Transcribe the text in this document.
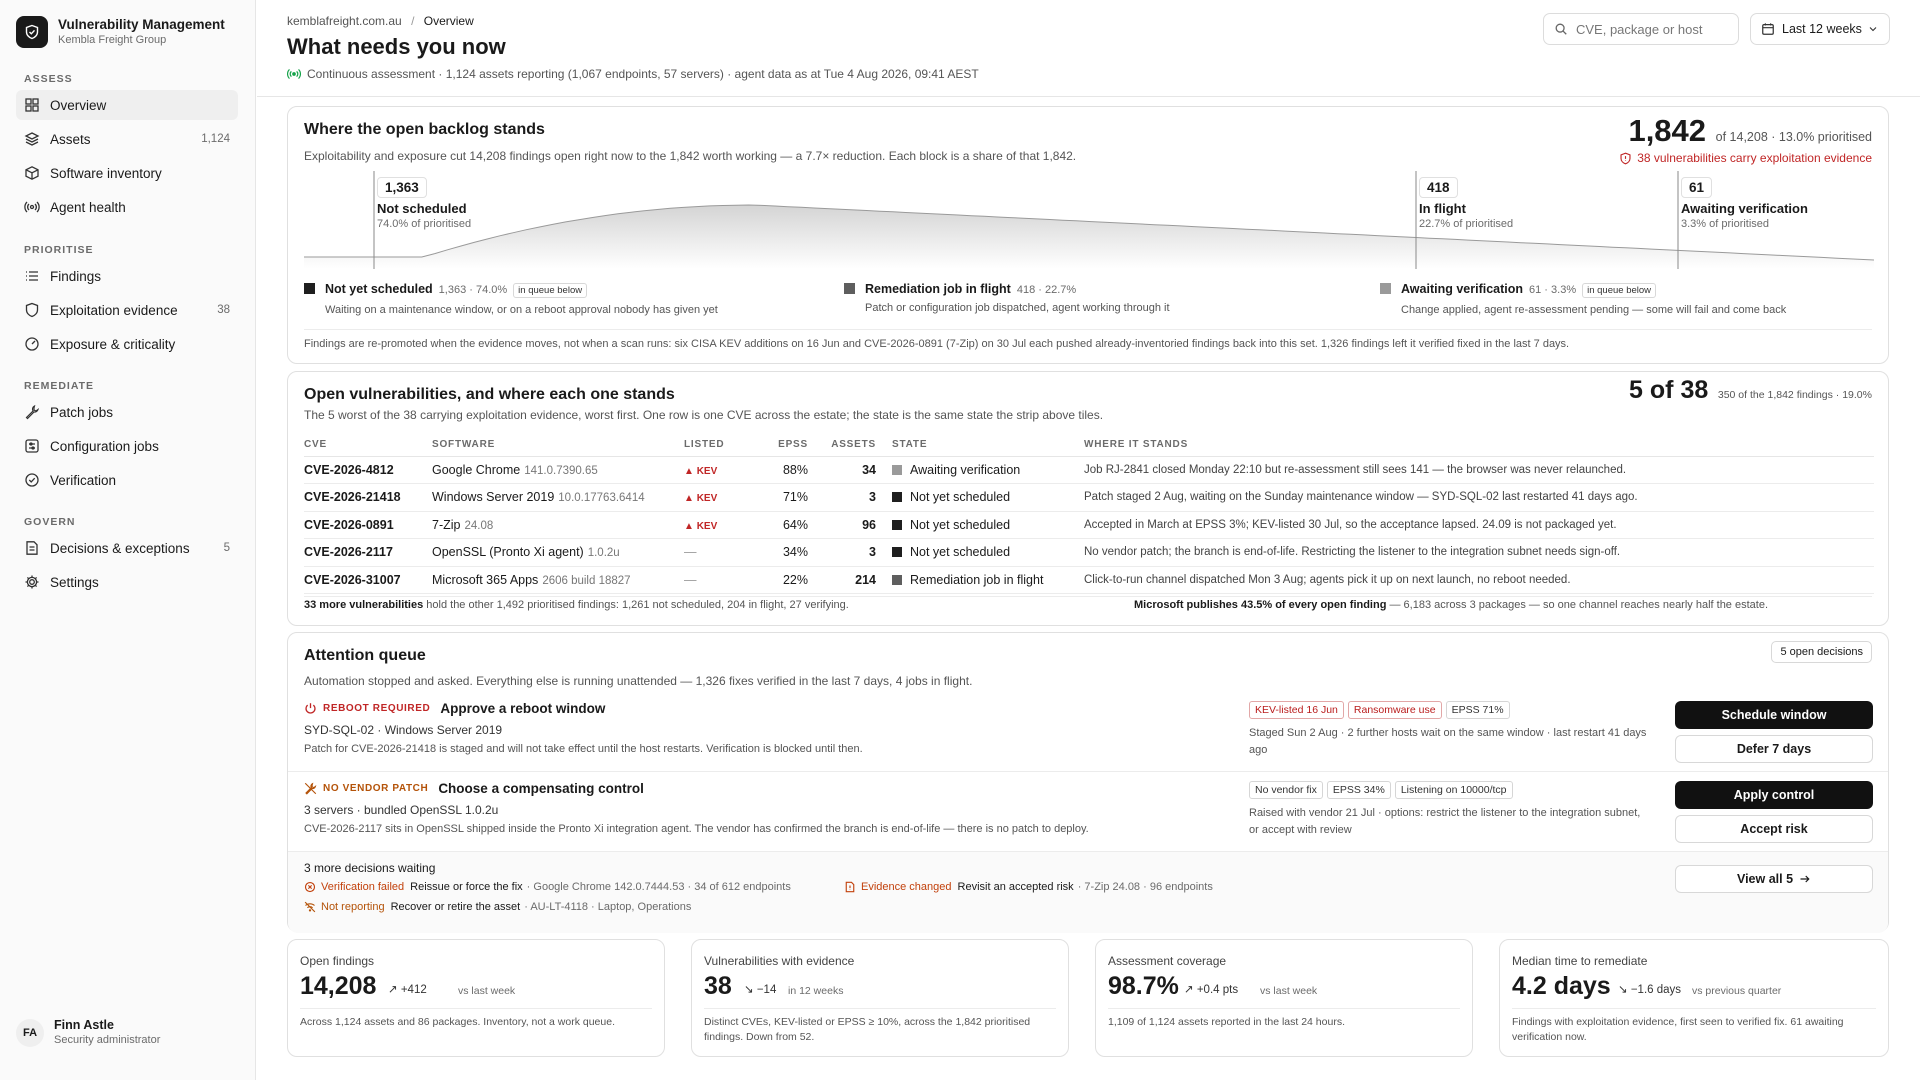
Vulnerability Management
Kembla Freight Group
ASSESS
Overview
Assets	1,124
Software inventory
Agent health
PRIORITISE
Findings
Exploitation evidence	38
Exposure & criticality
REMEDIATE
Patch jobs
Configuration jobs
Verification
GOVERN
Decisions & exceptions	5
Settings
FA
Finn Astle
Security administrator
kemblafreight.com.au / Overview
What needs you now
Continuous assessment · 1,124 assets reporting (1,067 endpoints, 57 servers) · agent data as at Tue 4 Aug 2026, 09:41 AEST
CVE, package or host	Last 12 weeks
Where the open backlog stands
Exploitability and exposure cut 14,208 findings open right now to the 1,842 worth working — a 7.7× reduction. Each block is a share of that 1,842.
1,842 of 14,208 · 13.0% prioritised
38 vulnerabilities carry exploitation evidence
1,363
Not scheduled
74.0% of prioritised
418
In flight
22.7% of prioritised
61
Awaiting verification
3.3% of prioritised
Not yet scheduled 1,363 · 74.0% in queue below
Waiting on a maintenance window, or on a reboot approval nobody has given yet
Remediation job in flight 418 · 22.7%
Patch or configuration job dispatched, agent working through it
Awaiting verification 61 · 3.3% in queue below
Change applied, agent re-assessment pending — some will fail and come back
Findings are re-promoted when the evidence moves, not when a scan runs: six CISA KEV additions on 16 Jun and CVE-2026-0891 (7-Zip) on 30 Jul each pushed already-inventoried findings back into this set. 1,326 findings left it verified fixed in the last 7 days.
Open vulnerabilities, and where each one stands
The 5 worst of the 38 carrying exploitation evidence, worst first. One row is one CVE across the estate; the state is the same state the strip above tiles.
5 of 38 350 of the 1,842 findings · 19.0%
CVE	SOFTWARE	LISTED	EPSS	ASSETS	STATE	WHERE IT STANDS
CVE-2026-4812	Google Chrome 141.0.7390.65	▲ KEV	88%	34	Awaiting verification	Job RJ-2841 closed Monday 22:10 but re-assessment still sees 141 — the browser was never relaunched.
CVE-2026-21418	Windows Server 2019 10.0.17763.6414	▲ KEV	71%	3	Not yet scheduled	Patch staged 2 Aug, waiting on the Sunday maintenance window — SYD-SQL-02 last restarted 41 days ago.
CVE-2026-0891	7-Zip 24.08	▲ KEV	64%	96	Not yet scheduled	Accepted in March at EPSS 3%; KEV-listed 30 Jul, so the acceptance lapsed. 24.09 is not packaged yet.
CVE-2026-2117	OpenSSL (Pronto Xi agent) 1.0.2u	—	34%	3	Not yet scheduled	No vendor patch; the branch is end-of-life. Restricting the listener to the integration subnet needs sign-off.
CVE-2026-31007	Microsoft 365 Apps 2606 build 18827	—	22%	214	Remediation job in flight	Click-to-run channel dispatched Mon 3 Aug; agents pick it up on next launch, no reboot needed.
33 more vulnerabilities hold the other 1,492 prioritised findings: 1,261 not scheduled, 204 in flight, 27 verifying.	Microsoft publishes 43.5% of every open finding — 6,183 across 3 packages — so one channel reaches nearly half the estate.
Attention queue
Automation stopped and asked. Everything else is running unattended — 1,326 fixes verified in the last 7 days, 4 jobs in flight.
5 open decisions
REBOOT REQUIRED Approve a reboot window
SYD-SQL-02 · Windows Server 2019
Patch for CVE-2026-21418 is staged and will not take effect until the host restarts. Verification is blocked until then.
KEV-listed 16 Jun Ransomware use EPSS 71%
Staged Sun 2 Aug · 2 further hosts wait on the same window · last restart 41 days ago
Schedule window
Defer 7 days
NO VENDOR PATCH Choose a compensating control
3 servers · bundled OpenSSL 1.0.2u
CVE-2026-2117 sits in OpenSSL shipped inside the Pronto Xi integration agent. The vendor has confirmed the branch is end-of-life — there is no patch to deploy.
No vendor fix EPSS 34% Listening on 10000/tcp
Raised with vendor 21 Jul · options: restrict the listener to the integration subnet, or accept with review
Apply control
Accept risk
3 more decisions waiting
Verification failed Reissue or force the fix · Google Chrome 142.0.7444.53 · 34 of 612 endpoints	Evidence changed Revisit an accepted risk · 7-Zip 24.08 · 96 endpoints
Not reporting Recover or retire the asset · AU-LT-4118 · Laptop, Operations
View all 5
Open findings
14,208 ↗ +412	vs last week
Across 1,124 assets and 86 packages. Inventory, not a work queue.
Vulnerabilities with evidence
38 ↘ −14 in 12 weeks
Distinct CVEs, KEV-listed or EPSS ≥ 10%, across the 1,842 prioritised findings. Down from 52.
Assessment coverage
98.7% ↗ +0.4 pts vs last week
1,109 of 1,124 assets reported in the last 24 hours.
Median time to remediate
4.2 days ↘ −1.6 days vs previous quarter
Findings with exploitation evidence, first seen to verified fix. 61 awaiting verification now.
